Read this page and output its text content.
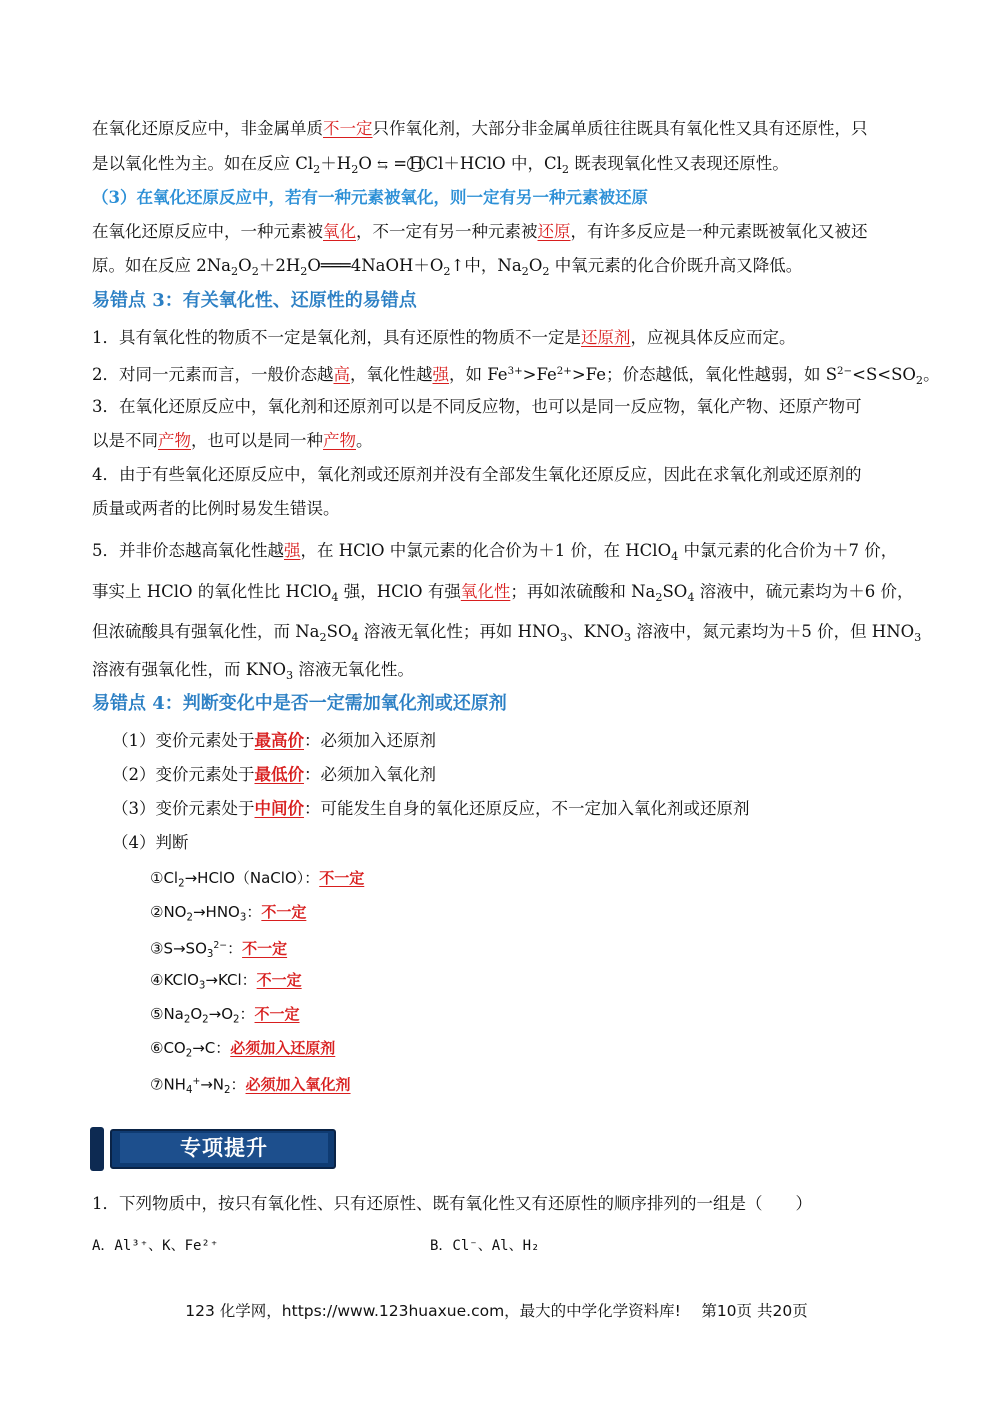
在氧化还原反应中，非金属单质不一定只作氧化剂，大部分非金属单质往往既具有氧化性又具有还原性，只
是以氧化性为主。如在反应 $Cl_2+H_2O$ ⇆ = H Cl＋HClO 中，$Cl_2$ 既表现氧化性又表现还原性。
（3）在氧化还原反应中，若有一种元素被氧化，则一定有另一种元素被还原
在氧化还原反应中，一种元素被氧化，不一定有另一种元素被还原，有许多反应是一种元素既被氧化又被还
原。如在反应 $2Na_2O_2+2H_2O═══4NaOH+O_2↑$中，$Na_2O_2$ 中氧元素的化合价既升高又降低。
易错点 3：有关氧化性、还原性的易错点
1．具有氧化性的物质不一定是氧化剂，具有还原性的物质不一定是还原剂，应视具体反应而定。
2．对同一元素而言，一般价态越高，氧化性越强，如 $Fe^{3+}>Fe^{2+}>Fe$；价态越低，氧化性越弱，如 $S^{2-}<S<SO_2$。
3．在氧化还原反应中，氧化剂和还原剂可以是不同反应物，也可以是同一反应物，氧化产物、还原产物可
以是不同产物，也可以是同一种产物。
4．由于有些氧化还原反应中，氧化剂或还原剂并没有全部发生氧化还原反应，因此在求氧化剂或还原剂的
质量或两者的比例时易发生错误。
5．并非价态越高氧化性越强，在 HClO 中氯元素的化合价为＋1 价，在 HClO$_4$ 中氯元素的化合价为＋7 价，
事实上 HClO 的氧化性比 HClO$_4$ 强，HClO 有强氧化性；再如浓硫酸和 $Na_2SO_4$ 溶液中，硫元素均为＋6 价，
但浓硫酸具有强氧化性，而 $Na_2SO_4$ 溶液无氧化性；再如 $HNO_3$、$KNO_3$ 溶液中，氮元素均为＋5 价，但 $HNO_3$
溶液有强氧化性，而 $KNO_3$ 溶液无氧化性。
易错点 4：判断变化中是否一定需加氧化剂或还原剂
（1）变价元素处于最高价：必须加入还原剂
（2）变价元素处于最低价：必须加入氧化剂
（3）变价元素处于中间价：可能发生自身的氧化还原反应，不一定加入氧化剂或还原剂
（4）判断
$①Cl_2\to HClO(NaClO)$：不一定
$②NO_2\to HNO_3$：不一定
$③S\to SO_3^{2-}$：不一定
④KClO$_3$→KCl：不一定
$⑤Na_2O_2\to O_2$：不一定
$⑥CO_2\to C$：必须加入还原剂
$⑦NH_4^+\to N_2$：必须加入氧化剂
专项提升
1．下列物质中，按只有氧化性、只有还原性、既有氧化性又有还原性的顺序排列的一组是（　　）
A．Al³⁺、K、Fe²⁺	B．Cl⁻、Al、H₂
123 化学网，https://www.123huaxue.com，最大的中学化学资料库!　 第10页 共20页
